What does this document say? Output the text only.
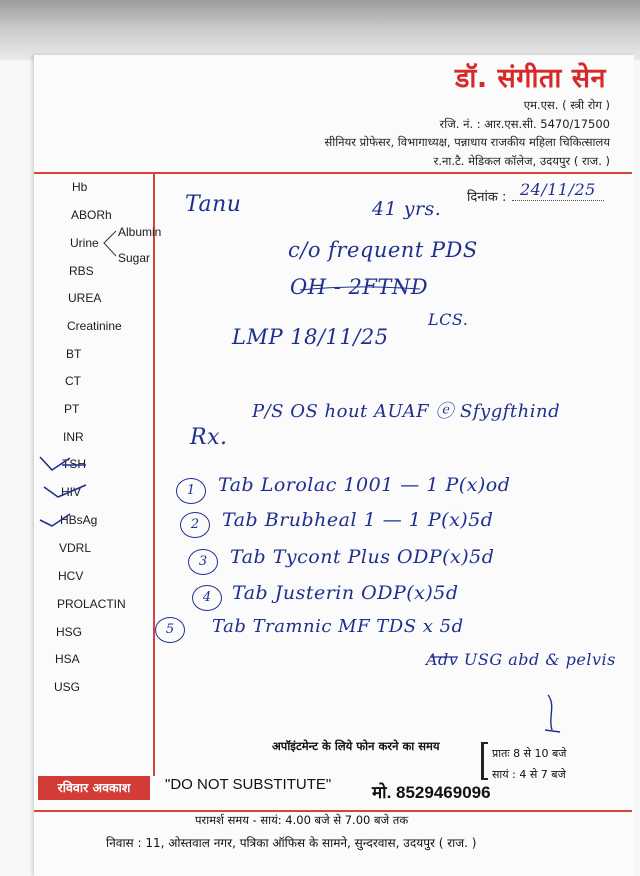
डॉ. संगीता सेन
एम.एस. ( स्त्री रोग )
रजि. नं. : आर.एस.सी. 5470/17500
सीनियर प्रोफेसर, विभागाध्यक्ष, पन्नाधाय राजकीय महिला चिकित्सालय
र.ना.टै. मेडिकल कॉलेज, उदयपुर ( राज. )
Hb
ABORh
Urine
Albumin
Sugar
RBS
UREA
Creatinine
BT
CT
PT
INR
TSH
HIV
HBsAg
VDRL
HCV
PROLACTIN
HSG
HSA
USG
दिनांक : 24/11/25
Tanu	41 yrs.
c/o frequent PDS
OH - 2FTND
LCS.
LMP 18/11/25
P/S OS hout AUAF ⓔ Sfygfthind
Rx.
1	Tab Lorolac 1001 — 1 P(x)od
2	Tab Brubheal 1 — 1 P(x)5d
3	Tab Tycont Plus ODP(x)5d
4	Tab Justerin ODP(x)5d
5	Tab Tramnic MF TDS x 5d
Adv USG abd & pelvis
अपॉइंटमेन्ट के लिये फोन करने का समय
प्रातः 8 से 10 बजे
सायं : 4 से 7 बजे
रविवार अवकाश	"DO NOT SUBSTITUTE" मो. 8529469096
परामर्श समय - सायं: 4.00 बजे से 7.00 बजे तक
निवास : 11, ओस्तवाल नगर, पत्रिका ऑफिस के सामने, सुन्दरवास, उदयपुर ( राज. )
